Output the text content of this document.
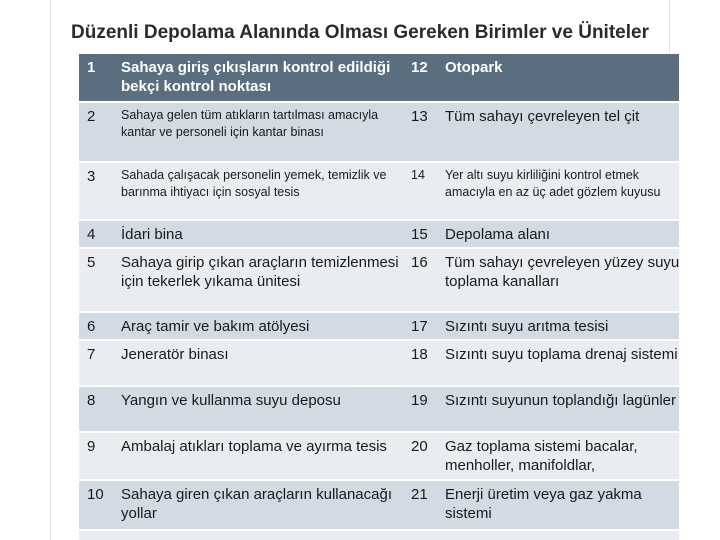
Düzenli Depolama Alanında Olması Gereken Birimler ve Üniteler
1	Sahaya giriş çıkışların kontrol edildiği bekçi kontrol noktası	12	Otopark
2	Sahaya gelen tüm atıkların tartılması amacıyla kantar ve personeli için kantar binası	13	Tüm sahayı çevreleyen tel çit
3	Sahada çalışacak personelin yemek, temizlik ve barınma ihtiyacı için sosyal tesis	14	Yer altı suyu kirliliğini kontrol etmek amacıyla en az üç adet gözlem kuyusu
4	İdari bina	15	Depolama alanı
5	Sahaya girip çıkan araçların temizlenmesi için tekerlek yıkama ünitesi	16	Tüm sahayı çevreleyen yüzey suyu toplama kanalları
6	Araç tamir ve bakım atölyesi	17	Sızıntı suyu arıtma tesisi
7	Jeneratör binası	18	Sızıntı suyu toplama drenaj sistemi
8	Yangın ve kullanma suyu deposu	19	Sızıntı suyunun toplandığı lagünler
9	Ambalaj atıkları toplama ve ayırma tesis	20	Gaz toplama sistemi bacalar, menholler, manifoldlar,
10	Sahaya giren çıkan araçların kullanacağı yollar	21	Enerji üretim veya gaz yakma sistemi
